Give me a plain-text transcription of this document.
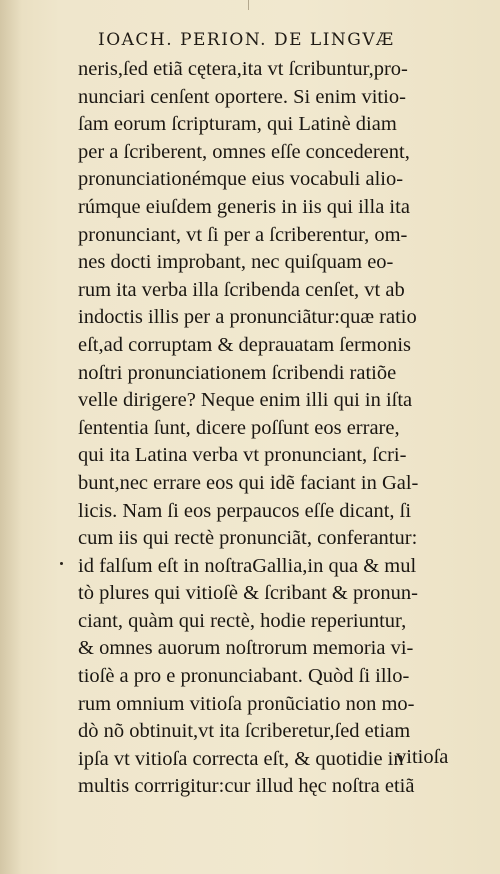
IOACH. PERION. DE LINGVÆ
neris,ſed etiã cętera,ita vt ſcribuntur,pro-
nunciari cenſent oportere. Si enim vitio-
ſam eorum ſcripturam, qui Latinè diam
per a ſcriberent, omnes eſſe concederent,
pronunciationémque eius vocabuli alio-
rúmque eiuſdem generis in iis qui illa ita
pronunciant, vt ſi per a ſcriberentur, om-
nes docti improbant, nec quiſquam eo-
rum ita verba illa ſcribenda cenſet, vt ab
indoctis illis per a pronunciãtur:quæ ratio
eſt,ad corruptam & deprauatam ſermonis
noſtri pronunciationem ſcribendi ratiõe
velle dirigere? Neque enim illi qui in iſta
ſententia ſunt, dicere poſſunt eos errare,
qui ita Latina verba vt pronunciant, ſcri-
bunt,nec errare eos qui idẽ faciant in Gal-
licis. Nam ſi eos perpaucos eſſe dicant, ſi
cum iis qui rectè pronunciãt, conferantur:
id falſum eſt in noſtraGallia,in qua & mul
tò plures qui vitioſè & ſcribant & pronun-
ciant, quàm qui rectè, hodie reperiuntur,
& omnes auorum noſtrorum memoria vi-
tioſè a pro e pronunciabant. Quòd ſi illo-
rum omnium vitioſa pronũciatio non mo-
dò nõ obtinuit,vt ita ſcriberetur,ſed etiam
ipſa vt vitioſa correcta eſt, & quotidie in
multis corrrigitur:cur illud hęc noſtra etiã
vitioſa
